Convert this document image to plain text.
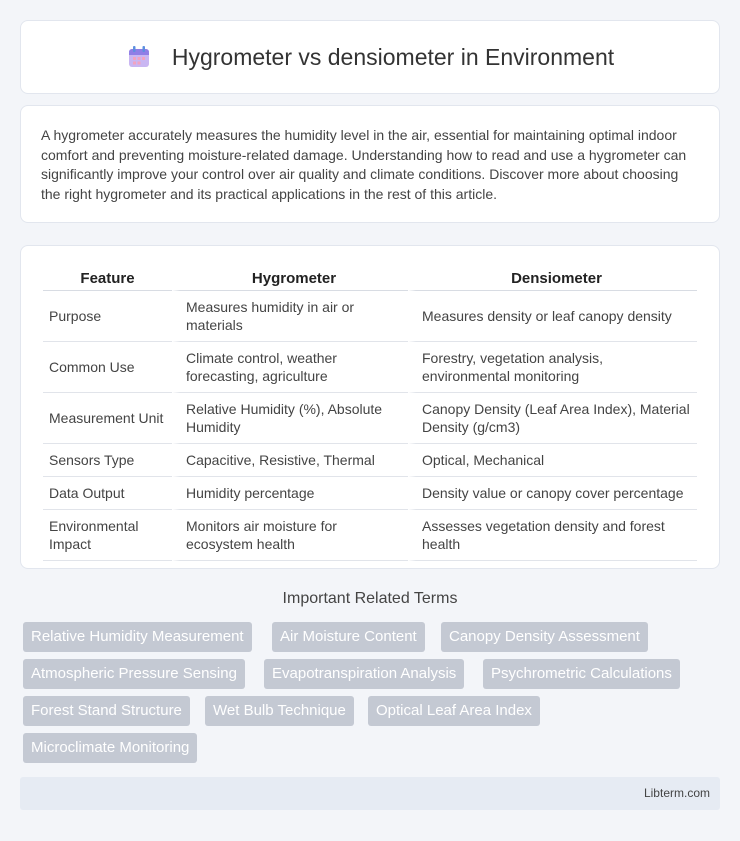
Hygrometer vs densiometer in Environment

A hygrometer accurately measures the humidity level in the air, essential for maintaining optimal indoor comfort and preventing moisture-related damage. Understanding how to read and use a hygrometer can significantly improve your control over air quality and climate conditions. Discover more about choosing the right hygrometer and its practical applications in the rest of this article.

Feature	Hygrometer	Densiometer
Purpose	Measures humidity in air or materials	Measures density or leaf canopy density
Common Use	Climate control, weather forecasting, agriculture	Forestry, vegetation analysis, environmental monitoring
Measurement Unit	Relative Humidity (%), Absolute Humidity	Canopy Density (Leaf Area Index), Material Density (g/cm3)
Sensors Type	Capacitive, Resistive, Thermal	Optical, Mechanical
Data Output	Humidity percentage	Density value or canopy cover percentage
Environmental Impact	Monitors air moisture for ecosystem health	Assesses vegetation density and forest health
Important Related Terms
Relative Humidity Measurement	Air Moisture Content	Canopy Density Assessment
Atmospheric Pressure Sensing	Evapotranspiration Analysis	Psychrometric Calculations
Forest Stand Structure	Wet Bulb Technique	Optical Leaf Area Index
Microclimate Monitoring
Libterm.com
